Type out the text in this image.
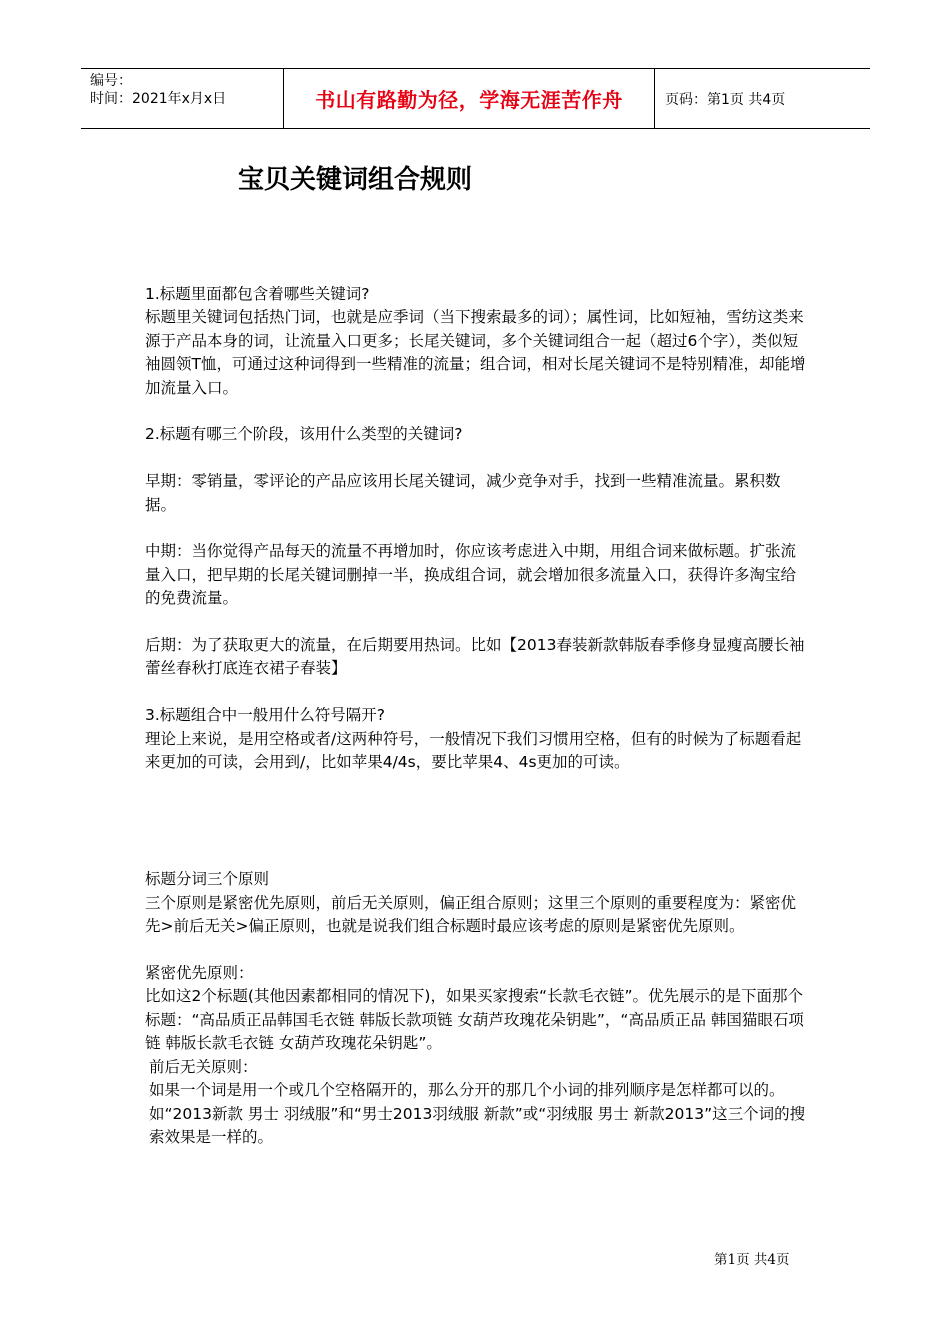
编号：
时间：2021年x月x日	书山有路勤为径，学海无涯苦作舟	页码：第1页 共4页
宝贝关键词组合规则

1.标题里面都包含着哪些关键词?

标题里关键词包括热门词，也就是应季词（当下搜索最多的词）；属性词，比如短袖，雪纺这类来源于产品本身的词，让流量入口更多；长尾关键词，多个关键词组合一起（超过6个字），类似短袖圆领T恤，可通过这种词得到一些精准的流量；组合词，相对长尾关键词不是特别精准，却能增加流量入口。

2.标题有哪三个阶段，该用什么类型的关键词?

早期：零销量，零评论的产品应该用长尾关键词，减少竞争对手，找到一些精准流量。累积数据。

中期：当你觉得产品每天的流量不再增加时，你应该考虑进入中期，用组合词来做标题。扩张流量入口，把早期的长尾关键词删掉一半，换成组合词，就会增加很多流量入口，获得许多淘宝给的免费流量。

后期：为了获取更大的流量，在后期要用热词。比如【2013春装新款韩版春季修身显瘦高腰长袖蕾丝春秋打底连衣裙子春装】

3.标题组合中一般用什么符号隔开?

理论上来说，是用空格或者/这两种符号，一般情况下我们习惯用空格，但有的时候为了标题看起来更加的可读，会用到/，比如苹果4/4s，要比苹果4、4s更加的可读。

标题分词三个原则

三个原则是紧密优先原则，前后无关原则，偏正组合原则；这里三个原则的重要程度为：紧密优先>前后无关>偏正原则，也就是说我们组合标题时最应该考虑的原则是紧密优先原则。

紧密优先原则：

比如这2个标题(其他因素都相同的情况下)，如果买家搜索“长款毛衣链”。优先展示的是下面那个标题：“高品质正品韩国毛衣链 韩版长款项链 女葫芦玫瑰花朵钥匙”，“高品质正品 韩国猫眼石项链 韩版长款毛衣链 女葫芦玫瑰花朵钥匙”。

前后无关原则：

如果一个词是用一个或几个空格隔开的，那么分开的那几个小词的排列顺序是怎样都可以的。如“2013新款 男士 羽绒服”和“男士2013羽绒服 新款”或“羽绒服 男士 新款2013”这三个词的搜索效果是一样的。

第1页 共4页
